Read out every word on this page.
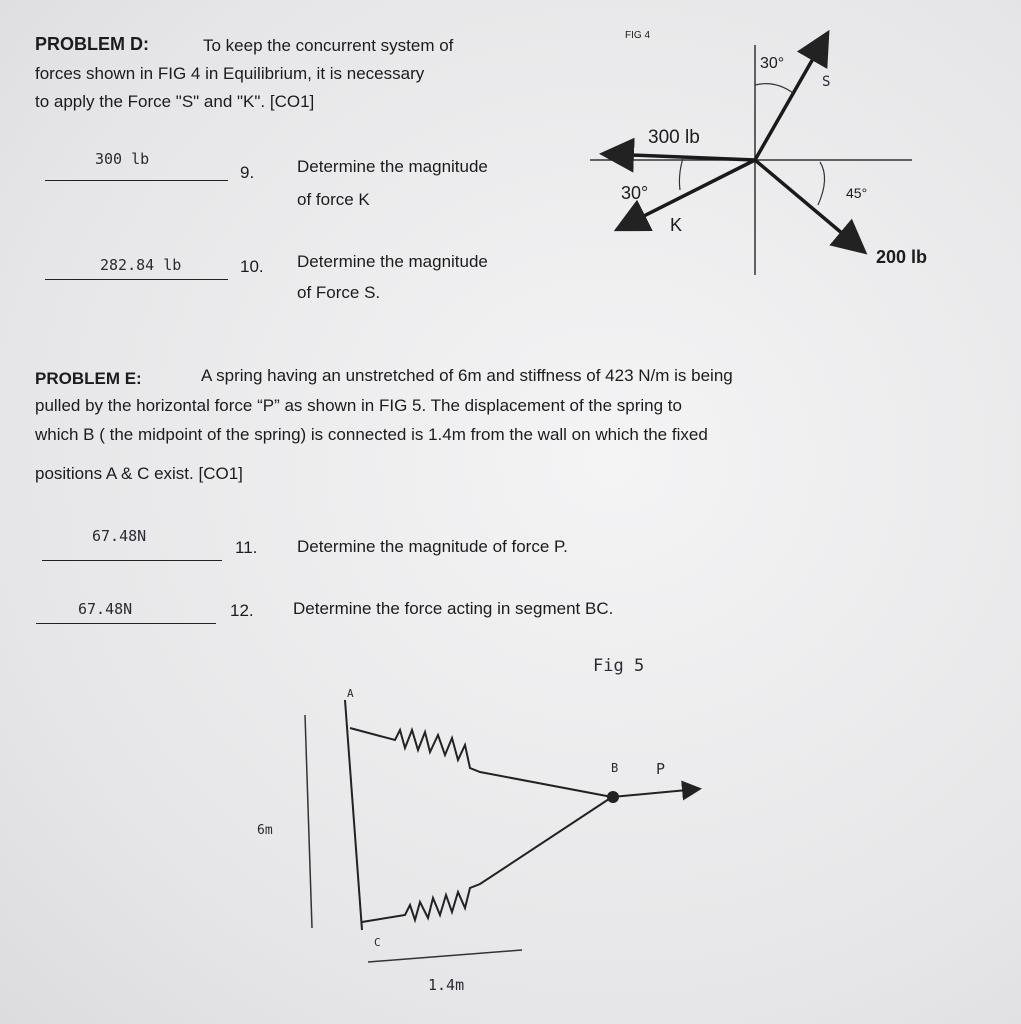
PROBLEM D:	To keep the concurrent system of
forces shown in FIG 4 in Equilibrium, it is necessary
to apply the Force "S" and "K". [CO1]
300 lb
9.	Determine the magnitude
of force K
282.84 lb	10. Determine the magnitude
of Force S.
FIG 4
30°
S
300 lb
30°	45°
K
200 lb
PROBLEM E:	A spring having an unstretched of 6m and stiffness of 423 N/m is being
pulled by the horizontal force “P” as shown in FIG 5. The displacement of the spring to
which B ( the midpoint of the spring) is connected is 1.4m from the wall on which the fixed
positions A & C exist. [CO1]
67.48N
11. Determine the magnitude of force P.
67.48N	12. Determine the force acting in segment BC.
Fig 5
A
B	P
6m
C
1.4m
